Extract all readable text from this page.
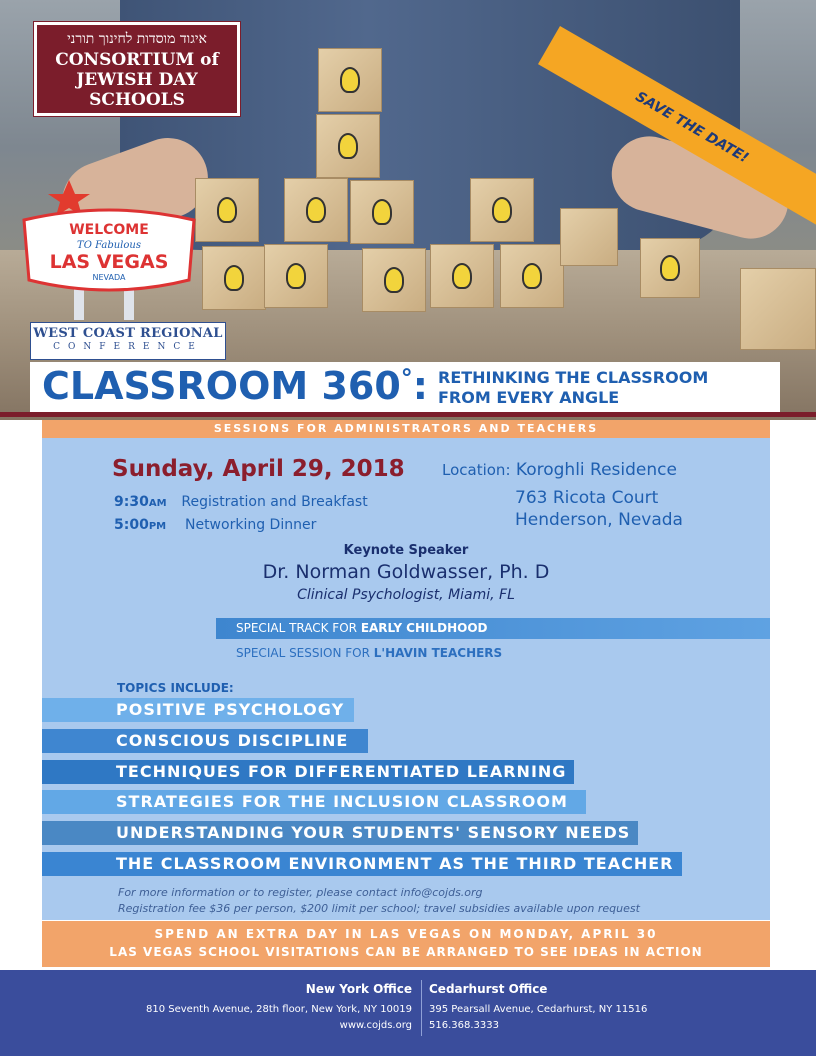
איגוד מוסדות לחינוך תורני
CONSORTIUM of
JEWISH DAY SCHOOLS	SAVE THE DATE!
WELCOME
TO Fabulous
LAS VEGAS
NEVADA
WEST COAST REGIONAL
CONFERENCE
CLASSROOM 360°: RETHINKING THE CLASSROOM
FROM EVERY ANGLE
SESSIONS FOR ADMINISTRATORS AND TEACHERS
Sunday, April 29, 2018
9:30AM Registration and Breakfast
5:00PM Networking Dinner
Location: Koroghli Residence
763 Ricota Court
Henderson, Nevada
Keynote Speaker
Dr. Norman Goldwasser, Ph. D
Clinical Psychologist, Miami, FL
SPECIAL TRACK FOR EARLY CHILDHOOD
SPECIAL SESSION FOR L'HAVIN TEACHERS
TOPICS INCLUDE:
POSITIVE PSYCHOLOGY
CONSCIOUS DISCIPLINE
TECHNIQUES FOR DIFFERENTIATED LEARNING
STRATEGIES FOR THE INCLUSION CLASSROOM
UNDERSTANDING YOUR STUDENTS' SENSORY NEEDS
THE CLASSROOM ENVIRONMENT AS THE THIRD TEACHER
For more information or to register, please contact info@cojds.org
Registration fee $36 per person, $200 limit per school; travel subsidies available upon request
SPEND AN EXTRA DAY IN LAS VEGAS ON MONDAY, APRIL 30
LAS VEGAS SCHOOL VISITATIONS CAN BE ARRANGED TO SEE IDEAS IN ACTION
New York Office
810 Seventh Avenue, 28th floor, New York, NY 10019
www.cojds.org
Cedarhurst Office
395 Pearsall Avenue, Cedarhurst, NY 11516
516.368.3333
